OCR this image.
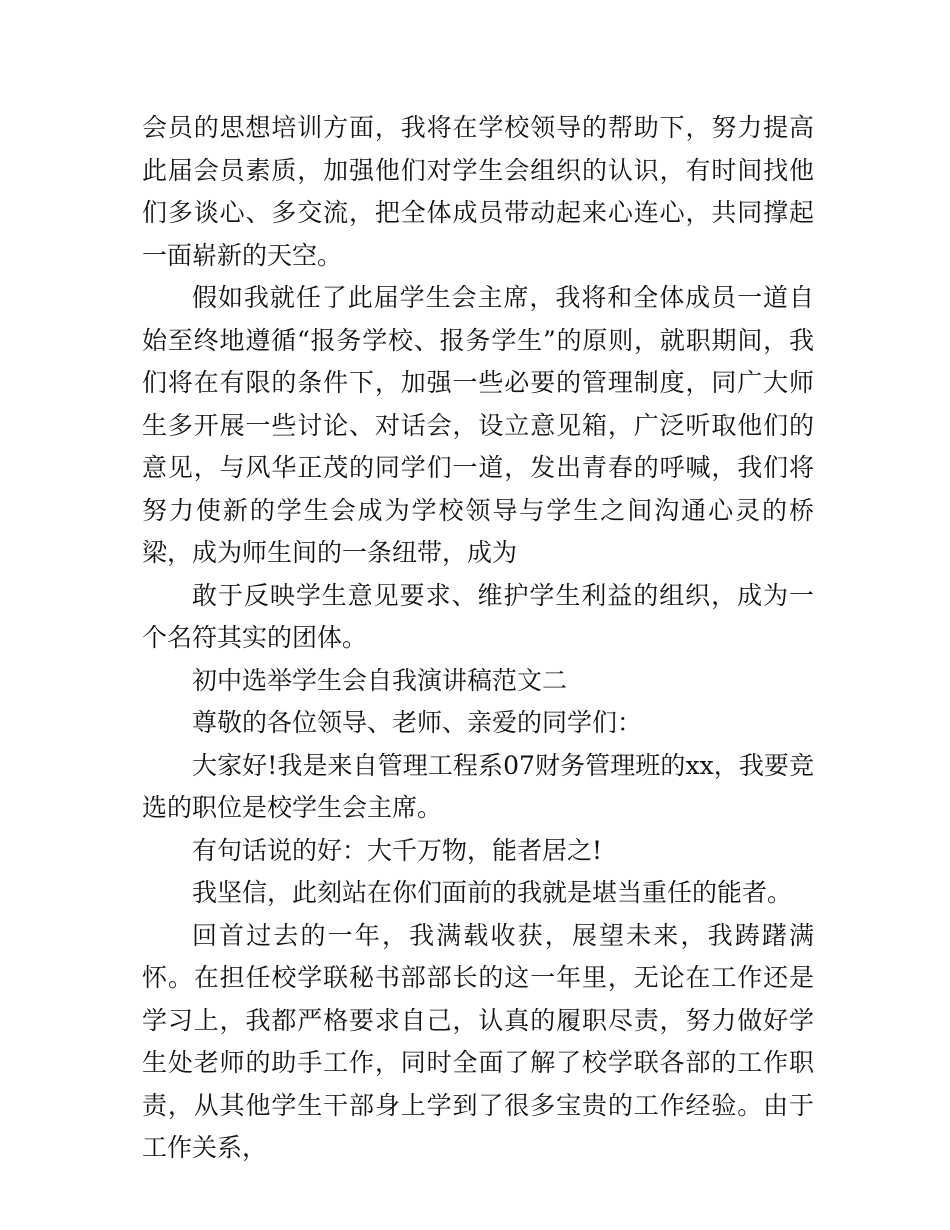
会员的思想培训方面，我将在学校领导的帮助下，努力提高此届会员素质，加强他们对学生会组织的认识，有时间找他们多谈心、多交流，把全体成员带动起来心连心，共同撑起一面崭新的天空。

假如我就任了此届学生会主席，我将和全体成员一道自始至终地遵循“报务学校、报务学生”的原则，就职期间，我们将在有限的条件下，加强一些必要的管理制度，同广大师生多开展一些讨论、对话会，设立意见箱，广泛听取他们的意见，与风华正茂的同学们一道，发出青春的呼喊，我们将努力使新的学生会成为学校领导与学生之间沟通心灵的桥梁，成为师生间的一条纽带，成为

敢于反映学生意见要求、维护学生利益的组织，成为一个名符其实的团体。

初中选举学生会自我演讲稿范文二

尊敬的各位领导、老师、亲爱的同学们：

大家好!我是来自管理工程系07财务管理班的xx，我要竞选的职位是校学生会主席。

有句话说的好：大千万物，能者居之!

我坚信，此刻站在你们面前的我就是堪当重任的能者。

回首过去的一年，我满载收获，展望未来，我踌躇满怀。在担任校学联秘书部部长的这一年里，无论在工作还是学习上，我都严格要求自己，认真的履职尽责，努力做好学生处老师的助手工作，同时全面了解了校学联各部的工作职责，从其他学生干部身上学到了很多宝贵的工作经验。由于工作关系，
